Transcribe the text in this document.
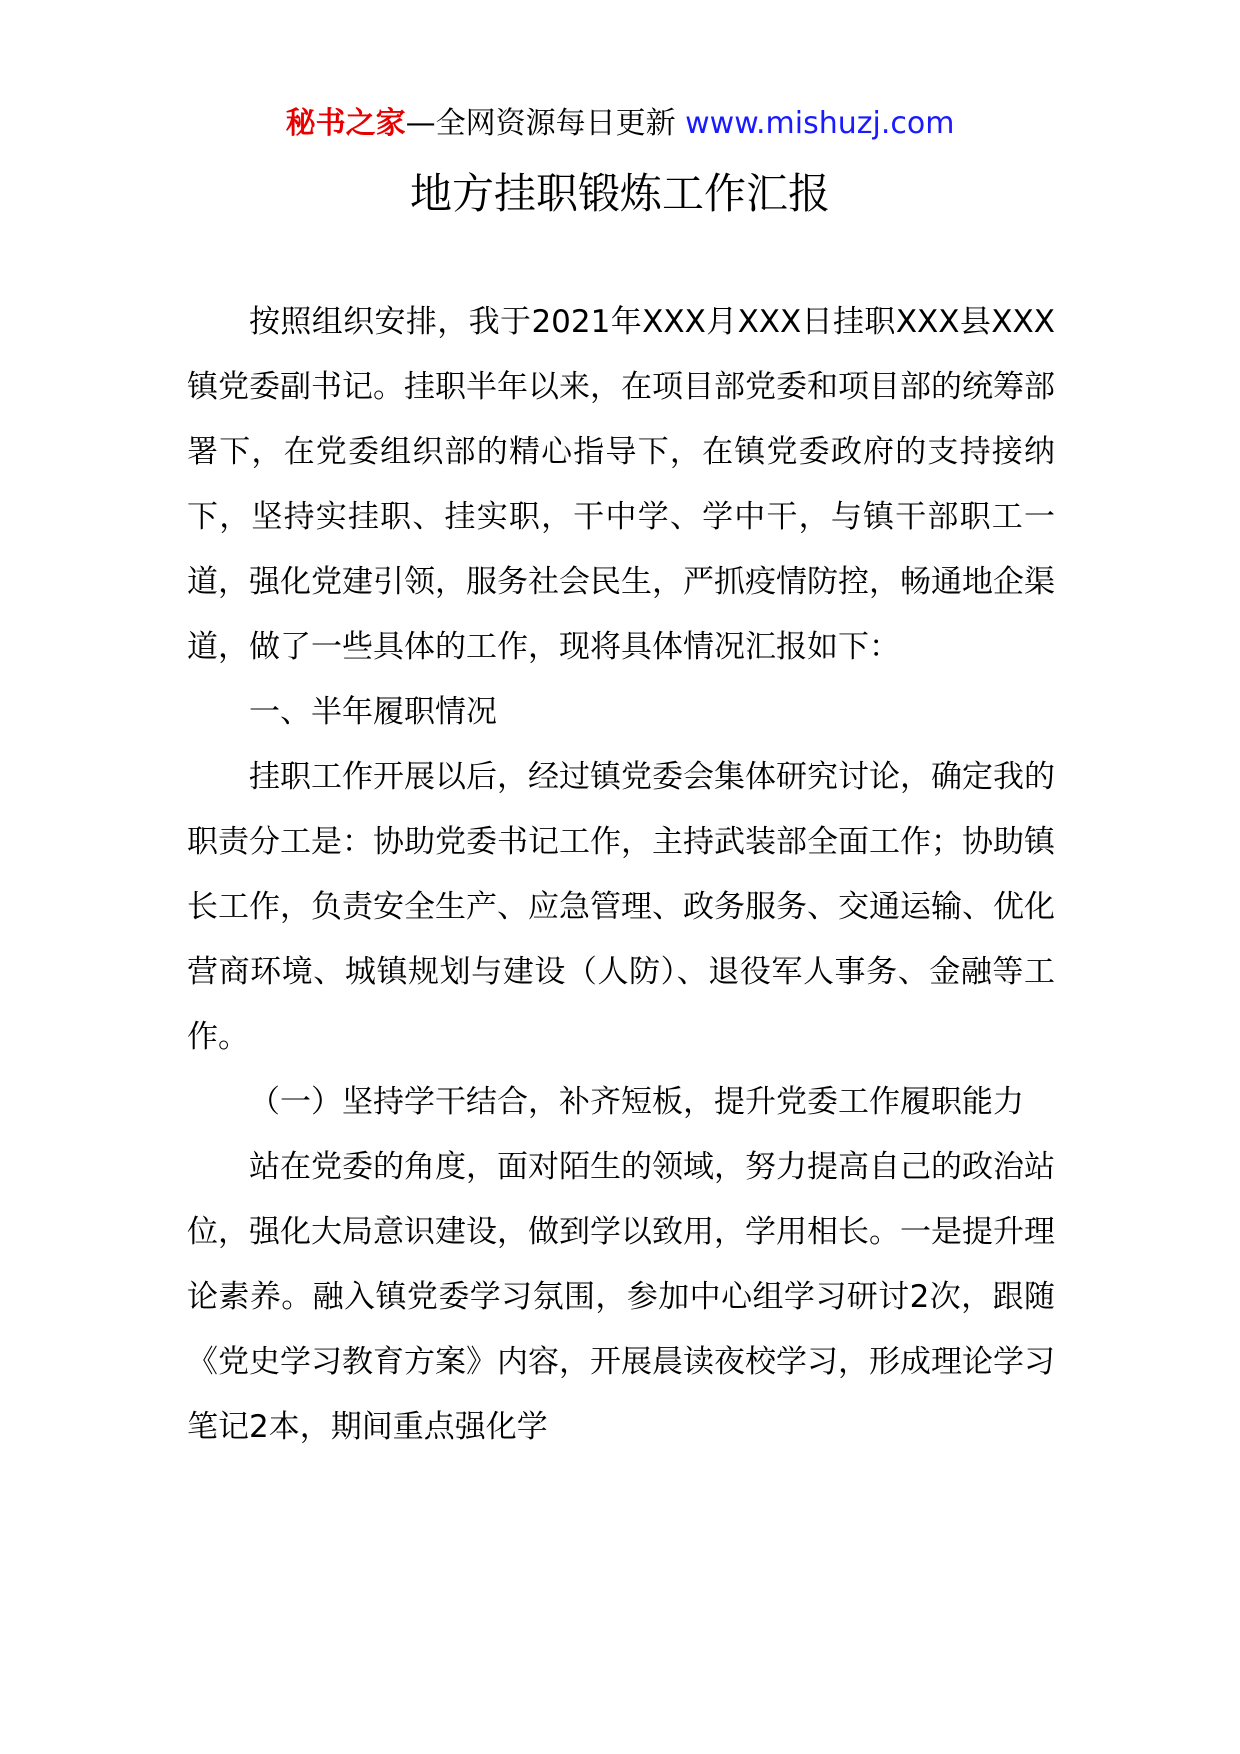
秘书之家—全网资源每日更新 www.mishuzj.com
地方挂职锻炼工作汇报

按照组织安排，我于2021年XXX月XXX日挂职XXX县XXX镇党委副书记。挂职半年以来，在项目部党委和项目部的统筹部署下，在党委组织部的精心指导下，在镇党委政府的支持接纳下，坚持实挂职、挂实职，干中学、学中干，与镇干部职工一道，强化党建引领，服务社会民生，严抓疫情防控，畅通地企渠道，做了一些具体的工作，现将具体情况汇报如下：

一、半年履职情况

挂职工作开展以后，经过镇党委会集体研究讨论，确定我的职责分工是：协助党委书记工作，主持武装部全面工作；协助镇长工作，负责安全生产、应急管理、政务服务、交通运输、优化营商环境、城镇规划与建设（人防）、退役军人事务、金融等工作。

（一）坚持学干结合，补齐短板，提升党委工作履职能力

站在党委的角度，面对陌生的领域，努力提高自己的政治站位，强化大局意识建设，做到学以致用，学用相长。一是提升理论素养。融入镇党委学习氛围，参加中心组学习研讨2次，跟随《党史学习教育方案》内容，开展晨读夜校学习，形成理论学习笔记2本，期间重点强化学
